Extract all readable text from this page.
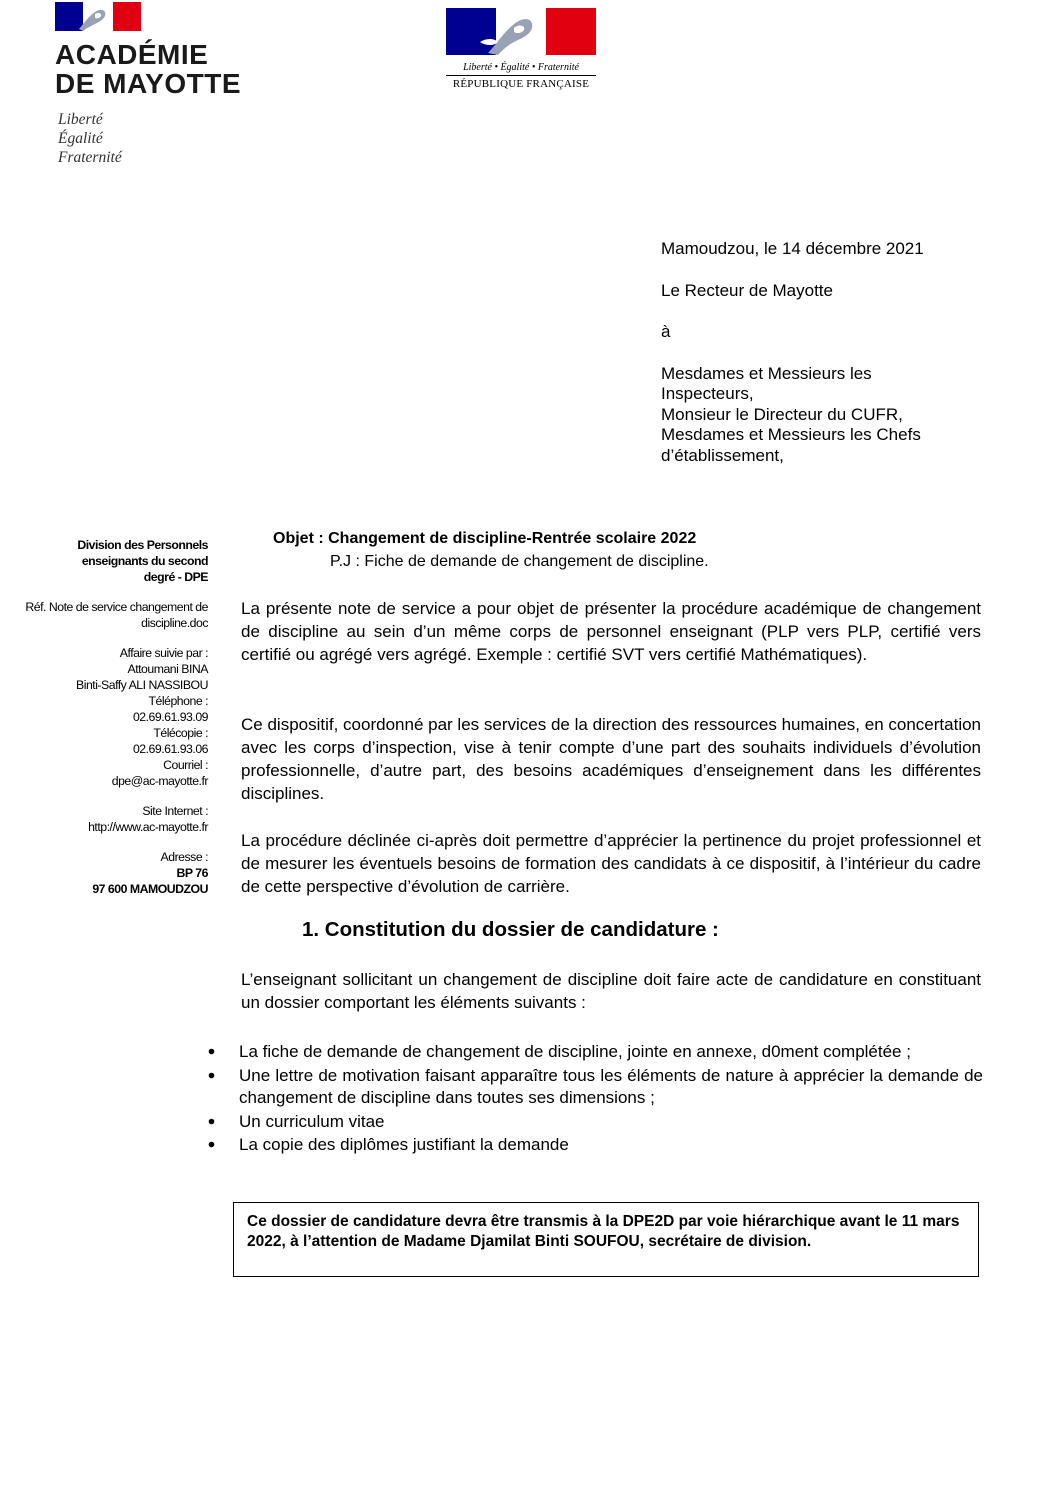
ACADÉMIE
DE MAYOTTE
Liberté
Égalité
Fraternité
Liberté • Égalité • Fraternité
RÉPUBLIQUE FRANÇAISE

Mamoudzou, le 14 décembre 2021

Le Recteur de Mayotte

à

Mesdames et Messieurs les

Inspecteurs,

Monsieur le Directeur du CUFR,

Mesdames et Messieurs les Chefs

d’établissement,

Division des Personnels

enseignants du second

degré - DPE

Réf. Note de service changement de

discipline.doc

Affaire suivie par :

Attoumani BINA

Binti-Saffy ALI NASSIBOU

Téléphone :

02.69.61.93.09

Télécopie :

02.69.61.93.06

Courriel :

dpe@ac-mayotte.fr

Site Internet :

http://www.ac-mayotte.fr

Adresse :

BP 76

97 600 MAMOUDZOU

Objet : Changement de discipline-Rentrée scolaire 2022
P.J : Fiche de demande de changement de discipline.

La présente note de service a pour objet de présenter la procédure académique de changement de discipline au sein d’un même corps de personnel enseignant (PLP vers PLP, certifié vers certifié ou agrégé vers agrégé. Exemple : certifié SVT vers certifié Mathématiques).

Ce dispositif, coordonné par les services de la direction des ressources humaines, en concertation avec les corps d’inspection, vise à tenir compte d’une part des souhaits individuels d’évolution professionnelle, d’autre part, des besoins académiques d’enseignement dans les différentes disciplines.

La procédure déclinée ci-après doit permettre d’apprécier la pertinence du projet professionnel et de mesurer les éventuels besoins de formation des candidats à ce dispositif, à l’intérieur du cadre de cette perspective d’évolution de carrière.

1. Constitution du dossier de candidature :

L’enseignant sollicitant un changement de discipline doit faire acte de candidature en constituant un dossier comportant les éléments suivants :

La fiche de demande de changement de discipline, jointe en annexe, d0ment complétée ;
Une lettre de motivation faisant apparaître tous les éléments de nature à apprécier la demande de changement de discipline dans toutes ses dimensions ;
Un curriculum vitae
La copie des diplômes justifiant la demande

Ce dossier de candidature devra être transmis à la DPE2D par voie hiérarchique avant le 11 mars 2022, à l’attention de Madame Djamilat Binti SOUFOU, secrétaire de division.
